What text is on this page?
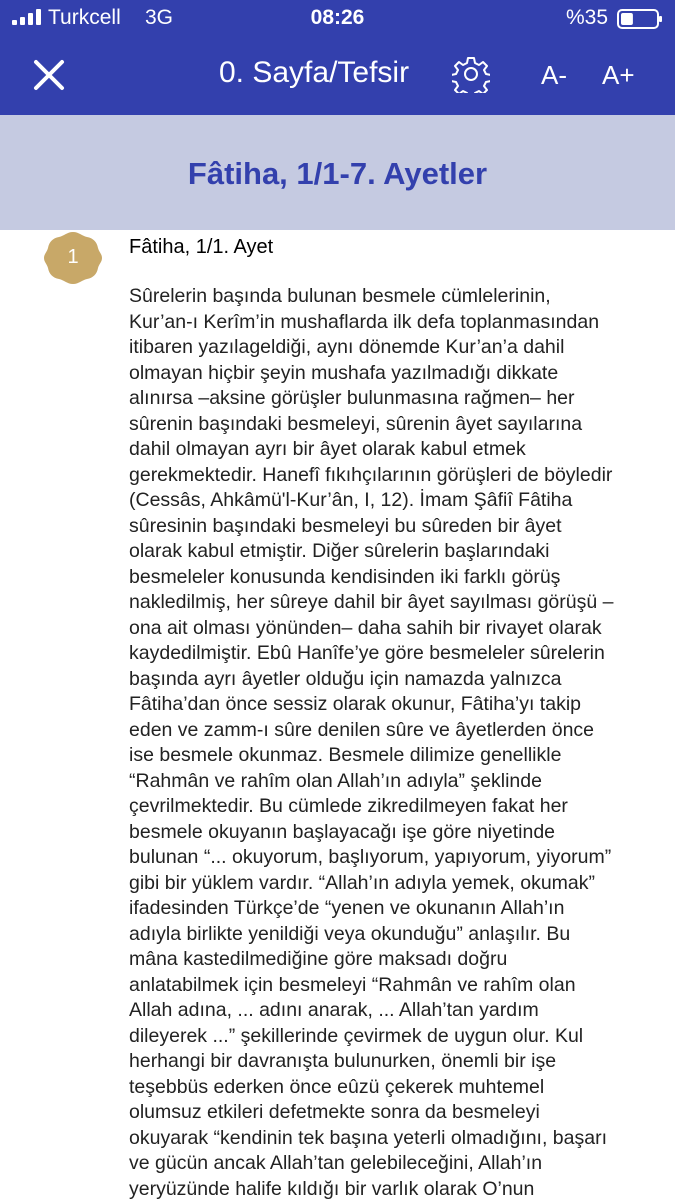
Turkcell 3G	08:26	%35
0. Sayfa/Tefsir	A- A+
Fâtiha, 1/1-7. Ayetler
1	Fâtiha, 1/1. Ayet
Sûrelerin başında bulunan besmele cümlelerinin,
Kur’an-ı Kerîm’in mushaflarda ilk defa toplanmasından
itibaren yazılageldiği, aynı dönemde Kur’an’a dahil
olmayan hiçbir şeyin mushafa yazılmadığı dikkate
alınırsa –aksine görüşler bulunmasına rağmen– her
sûrenin başındaki besmeleyi, sûrenin âyet sayılarına
dahil olmayan ayrı bir âyet olarak kabul etmek
gerekmektedir. Hanefî fıkıhçılarının görüşleri de böyledir
(Cessâs, Ahkâmü'l-Kur’ân, I, 12). İmam Şâfiî Fâtiha
sûresinin başındaki besmeleyi bu sûreden bir âyet
olarak kabul etmiştir. Diğer sûrelerin başlarındaki
besmeleler konusunda kendisinden iki farklı görüş
nakledilmiş, her sûreye dahil bir âyet sayılması görüşü –
ona ait olması yönünden– daha sahih bir rivayet olarak
kaydedilmiştir. Ebû Hanîfe’ye göre besmeleler sûrelerin
başında ayrı âyetler olduğu için namazda yalnızca
Fâtiha’dan önce sessiz olarak okunur, Fâtiha’yı takip
eden ve zamm-ı sûre denilen sûre ve âyetlerden önce
ise besmele okunmaz. Besmele dilimize genellikle
“Rahmân ve rahîm olan Allah’ın adıyla” şeklinde
çevrilmektedir. Bu cümlede zikredilmeyen fakat her
besmele okuyanın başlayacağı işe göre niyetinde
bulunan “... okuyorum, başlıyorum, yapıyorum, yiyorum”
gibi bir yüklem vardır. “Allah’ın adıyla yemek, okumak”
ifadesinden Türkçe’de “yenen ve okunanın Allah’ın
adıyla birlikte yenildiği veya okunduğu” anlaşılır. Bu
mâna kastedilmediğine göre maksadı doğru
anlatabilmek için besmeleyi “Rahmân ve rahîm olan
Allah adına, ... adını anarak, ... Allah’tan yardım
dileyerek ...” şekillerinde çevirmek de uygun olur. Kul
herhangi bir davranışta bulunurken, önemli bir işe
teşebbüs ederken önce eûzü çekerek muhtemel
olumsuz etkileri defetmekte sonra da besmeleyi
okuyarak “kendinin tek başına yeterli olmadığını, başarı
ve gücün ancak Allah’tan gelebileceğini, Allah’ın
yeryüzünde halife kıldığı bir varlık olarak O’nun
